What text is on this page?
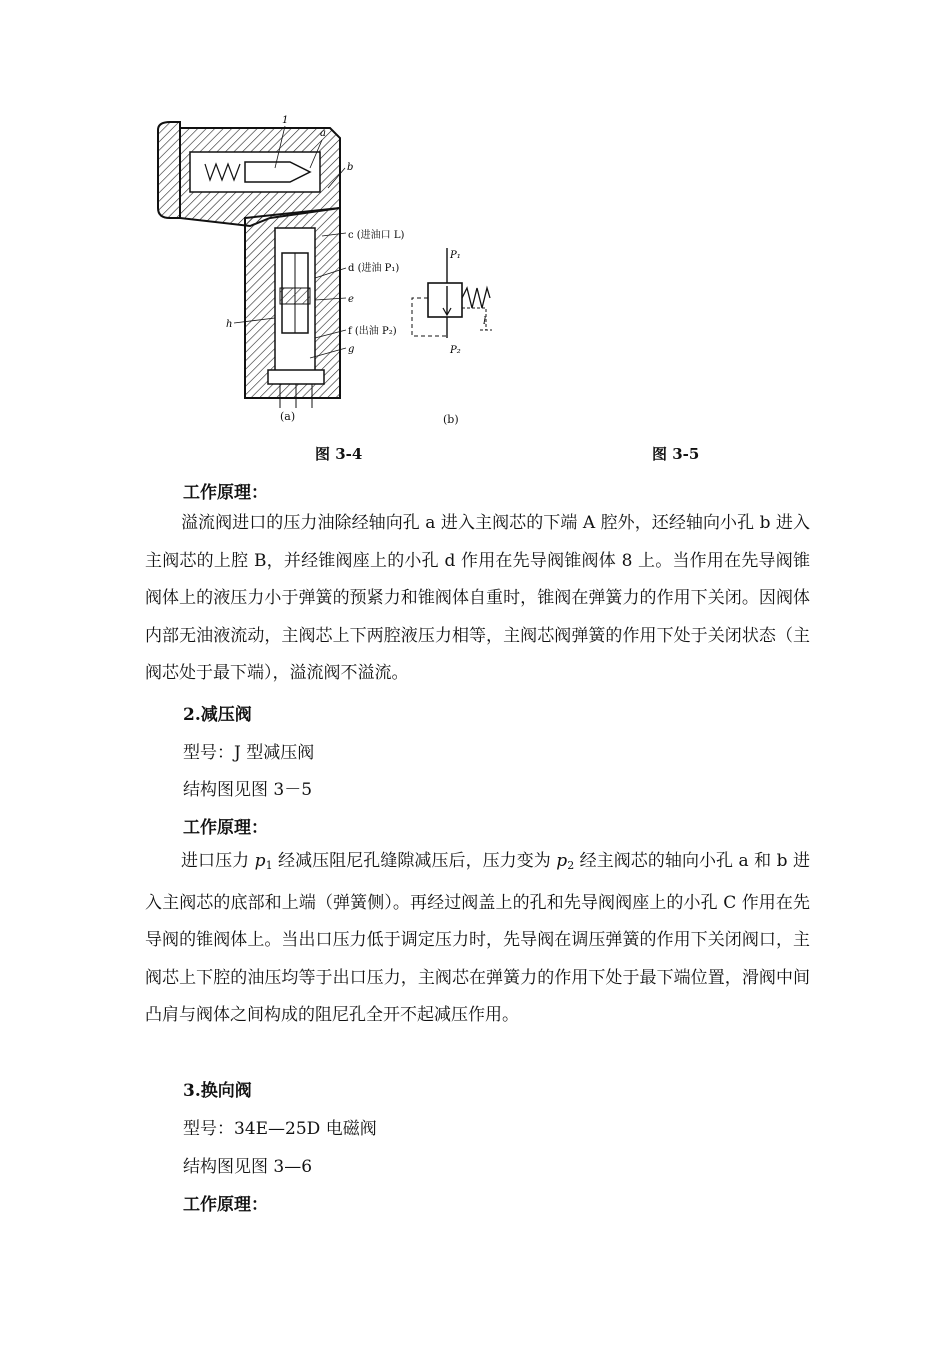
1
a
b
c (进油口 L)
d (进油 P₁)
e
f (出油 P₂)
g
h
P₁
P₂
l
(a)	(b)
图 3-4	图 3-5
工作原理：

溢流阀进口的压力油除经轴向孔 a 进入主阀芯的下端 A 腔外，还经轴向小孔 b 进入主阀芯的上腔 B，并经锥阀座上的小孔 d 作用在先导阀锥阀体 8 上。当作用在先导阀锥阀体上的液压力小于弹簧的预紧力和锥阀体自重时，锥阀在弹簧力的作用下关闭。因阀体内部无油液流动，主阀芯上下两腔液压力相等，主阀芯阀弹簧的作用下处于关闭状态（主阀芯处于最下端），溢流阀不溢流。

2.减压阀
型号：J 型减压阀
结构图见图 3－5
工作原理：

进口压力 $p_1$ 经减压阻尼孔缝隙减压后，压力变为 $p_2$ 经主阀芯的轴向小孔 a 和 b 进入主阀芯的底部和上端（弹簧侧）。再经过阀盖上的孔和先导阀阀座上的小孔 C 作用在先导阀的锥阀体上。当出口压力低于调定压力时，先导阀在调压弹簧的作用下关闭阀口，主阀芯上下腔的油压均等于出口压力，主阀芯在弹簧力的作用下处于最下端位置，滑阀中间凸肩与阀体之间构成的阻尼孔全开不起减压作用。

3.换向阀
型号：34E—25D 电磁阀
结构图见图 3—6
工作原理：
